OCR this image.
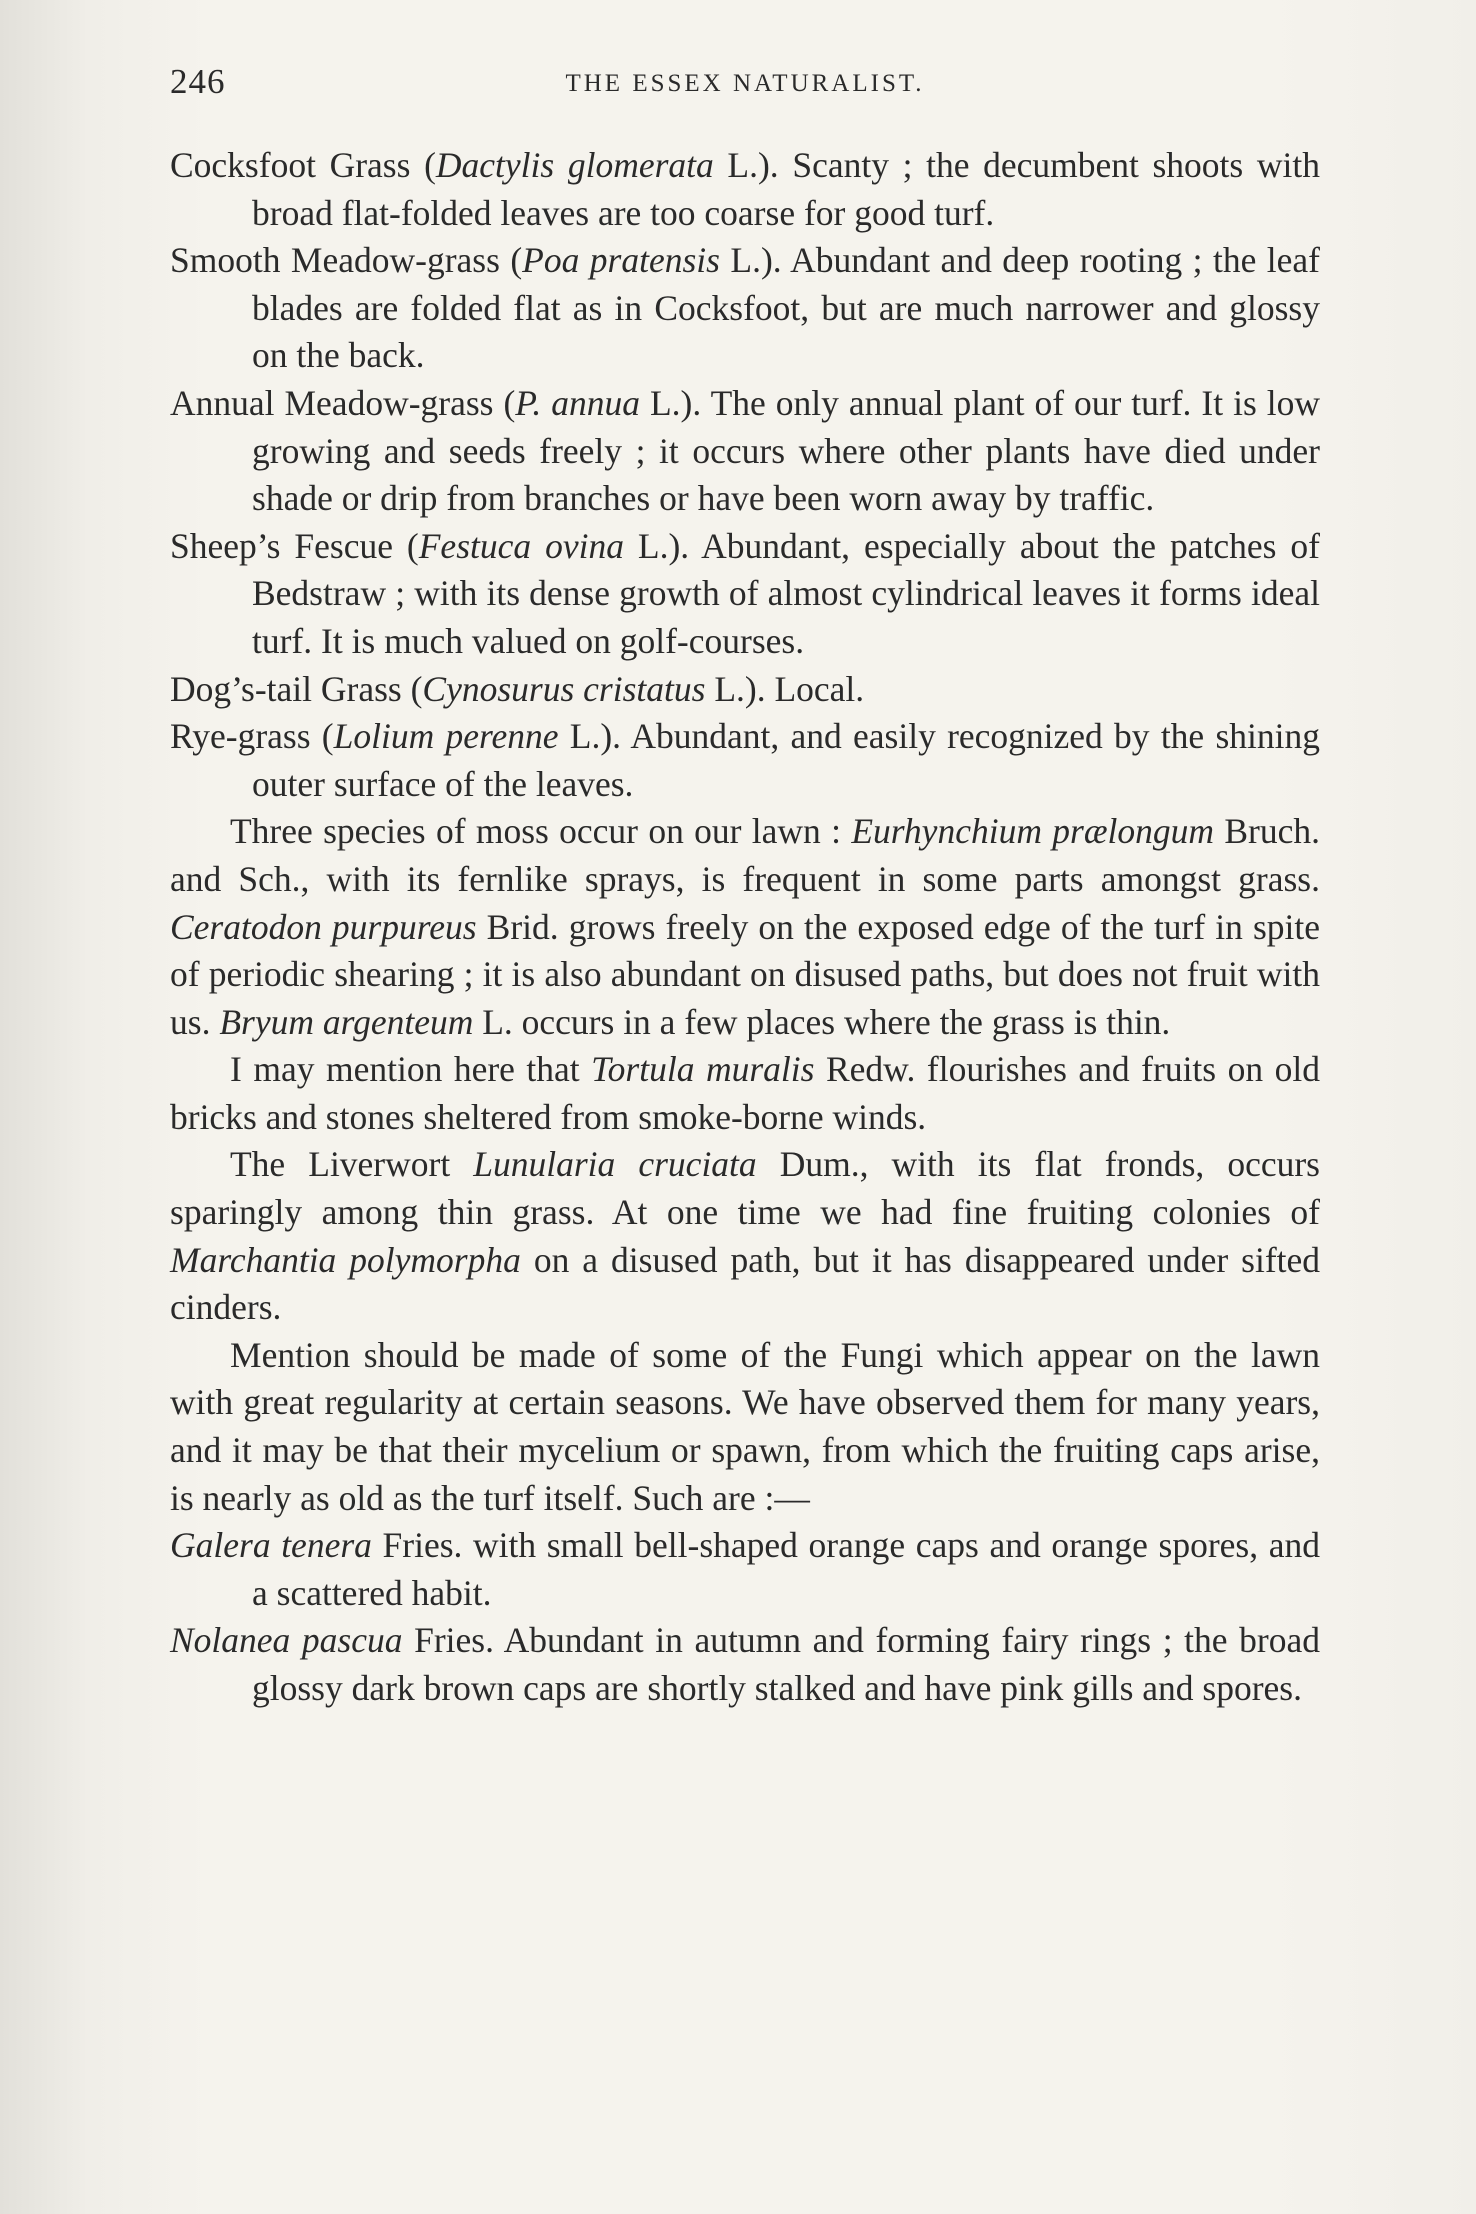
246	THE ESSEX NATURALIST.

Cocksfoot Grass (Dactylis glomerata L.). Scanty ; the decumbent shoots with broad flat-folded leaves are too coarse for good turf.

Smooth Meadow-grass (Poa pratensis L.). Abundant and deep rooting ; the leaf blades are folded flat as in Cocksfoot, but are much narrower and glossy on the back.

Annual Meadow-grass (P. annua L.). The only annual plant of our turf. It is low growing and seeds freely ; it occurs where other plants have died under shade or drip from branches or have been worn away by traffic.

Sheep’s Fescue (Festuca ovina L.). Abundant, especially about the patches of Bedstraw ; with its dense growth of almost cylindrical leaves it forms ideal turf. It is much valued on golf-courses.

Dog’s-tail Grass (Cynosurus cristatus L.). Local.

Rye-grass (Lolium perenne L.). Abundant, and easily recognized by the shining outer surface of the leaves.

Three species of moss occur on our lawn : Eurhynchium prælongum Bruch. and Sch., with its fernlike sprays, is frequent in some parts amongst grass. Ceratodon purpureus Brid. grows freely on the exposed edge of the turf in spite of periodic shearing ; it is also abundant on disused paths, but does not fruit with us. Bryum argenteum L. occurs in a few places where the grass is thin.

I may mention here that Tortula muralis Redw. flourishes and fruits on old bricks and stones sheltered from smoke-borne winds.

The Liverwort Lunularia cruciata Dum., with its flat fronds, occurs sparingly among thin grass. At one time we had fine fruiting colonies of Marchantia polymorpha on a disused path, but it has disappeared under sifted cinders.

Mention should be made of some of the Fungi which appear on the lawn with great regularity at certain seasons. We have observed them for many years, and it may be that their mycelium or spawn, from which the fruiting caps arise, is nearly as old as the turf itself. Such are :—

Galera tenera Fries. with small bell-shaped orange caps and orange spores, and a scattered habit.

Nolanea pascua Fries. Abundant in autumn and forming fairy rings ; the broad glossy dark brown caps are shortly stalked and have pink gills and spores.
